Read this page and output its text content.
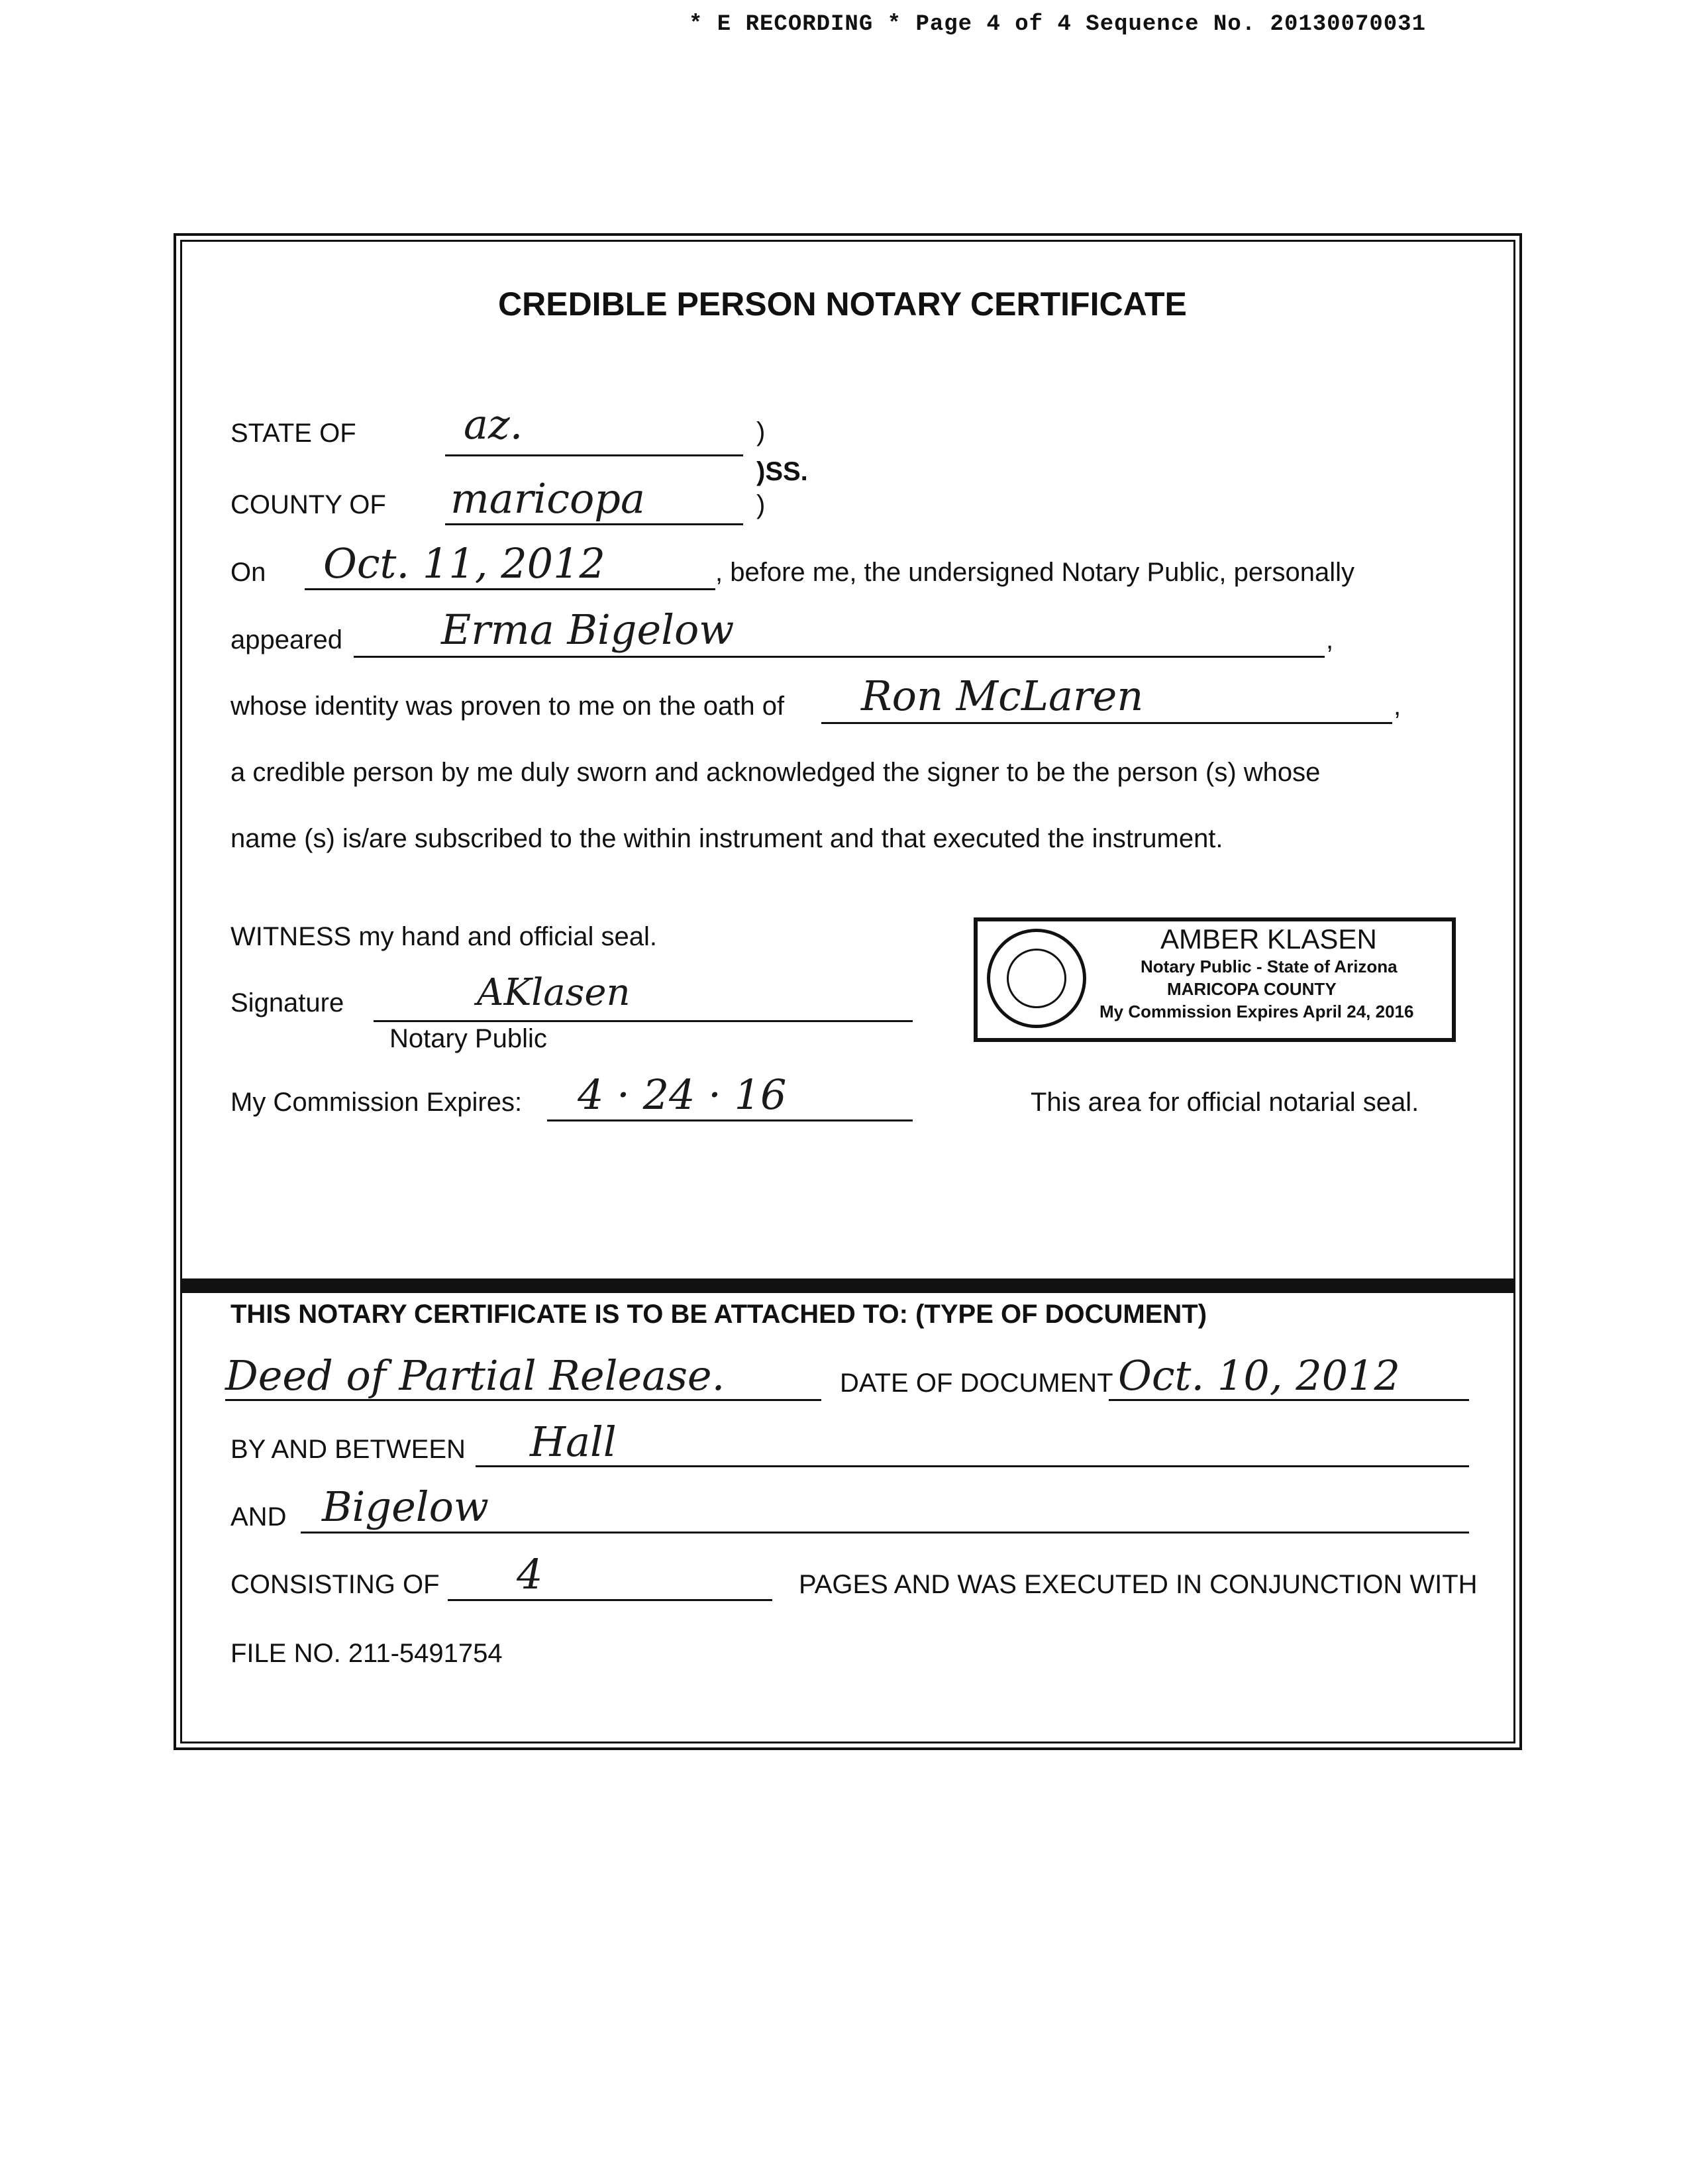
* E RECORDING * Page 4 of 4 Sequence No. 20130070031
CREDIBLE PERSON NOTARY CERTIFICATE
STATE OF	az.	)
)SS.
COUNTY OF maricopa	)
On Oct. 11, 2012	, before me, the undersigned Notary Public, personally
appeared Erma Bigelow	,
whose identity was proven to me on the oath of Ron McLaren	,
a credible person by me duly sworn and acknowledged the signer to be the person (s) whose
name (s) is/are subscribed to the within instrument and that executed the instrument.
WITNESS my hand and official seal.
Signature	AKlasen
Notary Public
My Commission Expires: 4 · 24 · 16	This area for official notarial seal.
AMBER KLASEN
Notary Public - State of Arizona
MARICOPA COUNTY
My Commission Expires April 24, 2016
THIS NOTARY CERTIFICATE IS TO BE ATTACHED TO: (TYPE OF DOCUMENT)
Deed of Partial Release.	DATE OF DOCUMENT Oct. 10, 2012
BY AND BETWEEN Hall
AND Bigelow
CONSISTING OF 4	PAGES AND WAS EXECUTED IN CONJUNCTION WITH
FILE NO. 211-5491754
